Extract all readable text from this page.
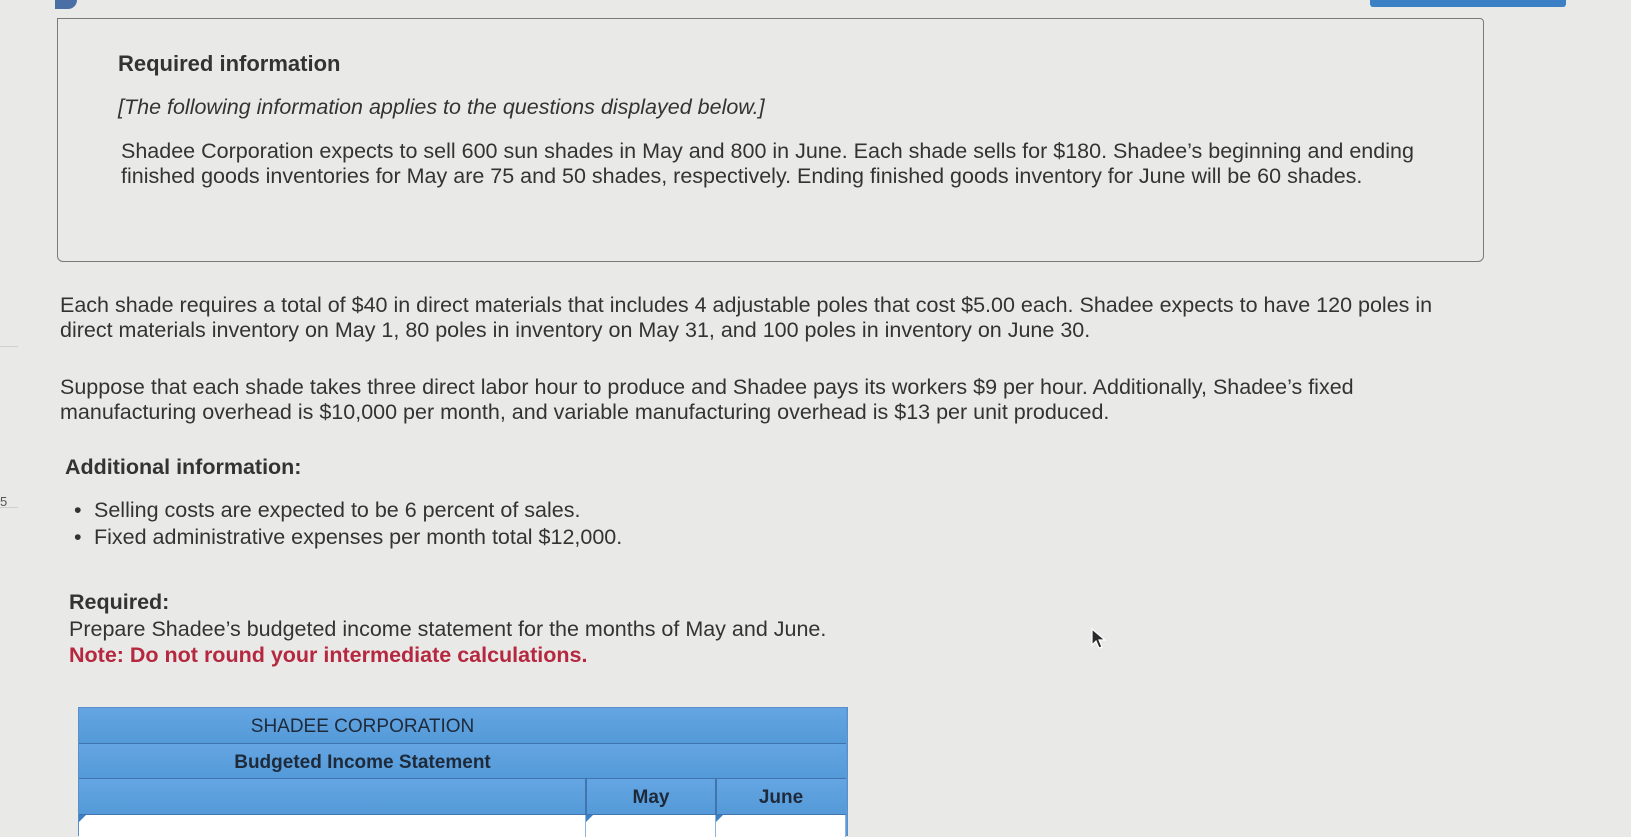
5

Required information

[The following information applies to the questions displayed below.]

Shadee Corporation expects to sell 600 sun shades in May and 800 in June. Each shade sells for $180. Shadee’s beginning and ending finished goods inventories for May are 75 and 50 shades, respectively. Ending finished goods inventory for June will be 60 shades.

Each shade requires a total of $40 in direct materials that includes 4 adjustable poles that cost $5.00 each. Shadee expects to have 120 poles in direct materials inventory on May 1, 80 poles in inventory on May 31, and 100 poles in inventory on June 30.

Suppose that each shade takes three direct labor hour to produce and Shadee pays its workers $9 per hour. Additionally, Shadee’s fixed manufacturing overhead is $10,000 per month, and variable manufacturing overhead is $13 per unit produced.

Additional information:

• Selling costs are expected to be 6 percent of sales.
• Fixed administrative expenses per month total $12,000.

Required:

Prepare Shadee’s budgeted income statement for the months of May and June.

Note: Do not round your intermediate calculations.

SHADEE CORPORATION
Budgeted Income Statement
May	June
